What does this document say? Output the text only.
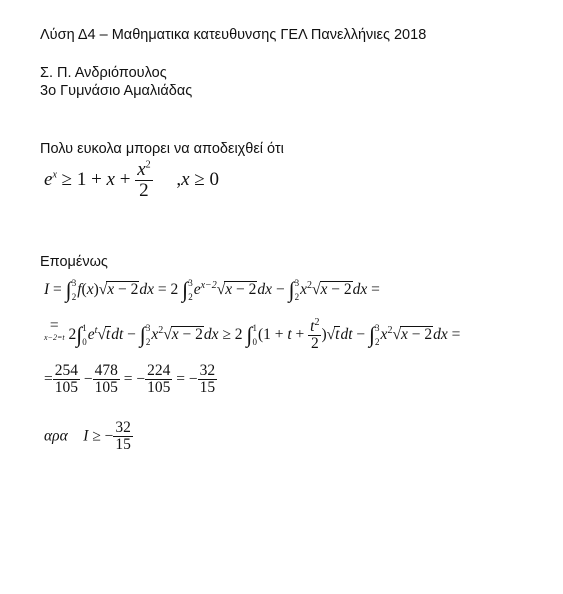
Λύση Δ4 – Μαθηματικα κατευθυνσης ΓΕΛ Πανελλήνιες 2018
Σ. Π. Ανδριόπουλος
3ο Γυμνάσιο Αμαλιάδας
Πολυ ευκολα μπορει να αποδειχθεί ότι
$e^x \ge 1 + x + \frac{x^2}{2} ,x \ge 0$
Επομένως
I = ∫ 3
2 f(x)√x − 2dx = 2 ∫ 3
2 $e^{x-2}√x - 2dx$ − ∫ 3
2 $x^2√x - 2dx$ =
=
x−2=t 2∫ 1
0 $e^t√tdt$ − ∫ 3
2 $x^2√x - 2dx \ge 2$ ∫ 1
0 $(1 + t + \frac{t^2}{2} )√tdt$ − ∫ 3
2 $x^2√x - 2dx$ =
= $\frac{254}{105} - \frac{478}{105}$ = − $\frac{224}{105}$ = − $\frac{32}{15}$
αρα I ≥ − $\frac{32}{15}$
